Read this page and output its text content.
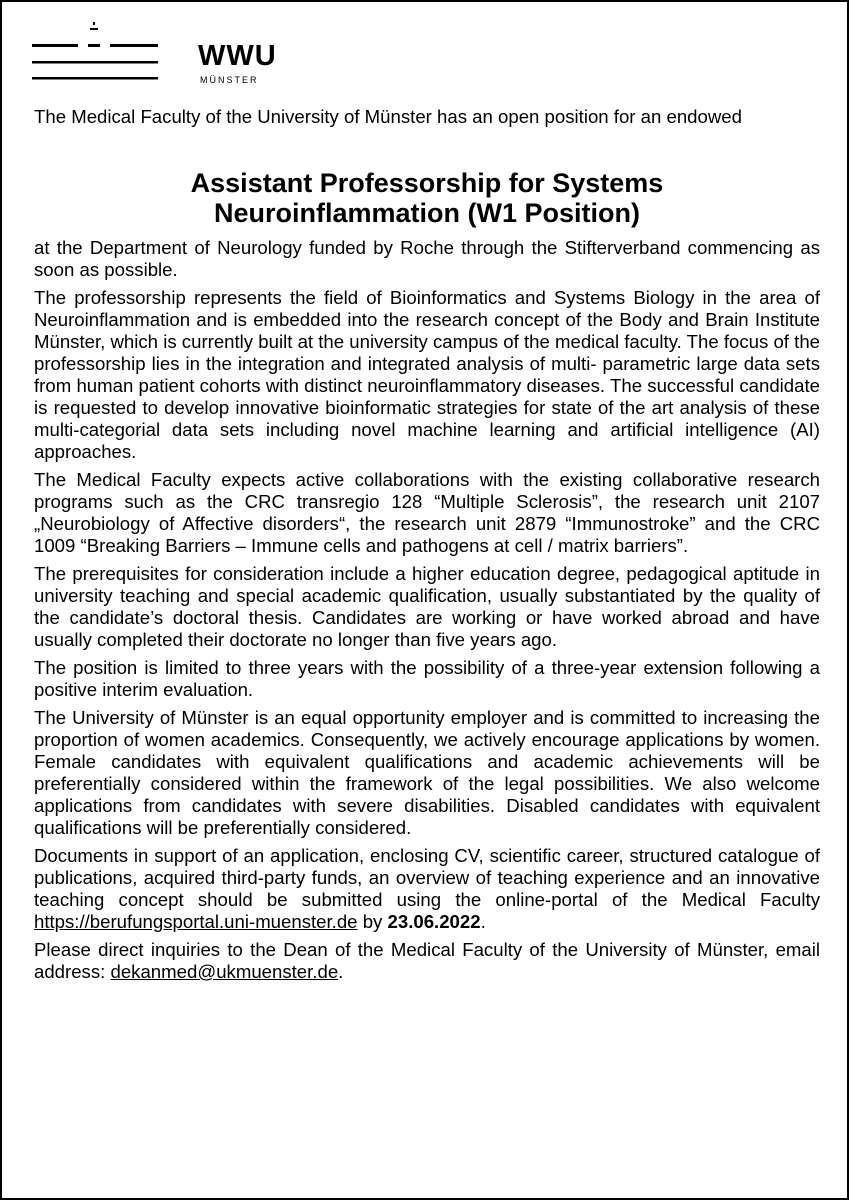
WWU
MÜNSTER

The Medical Faculty of the University of Münster has an open position for an endowed

Assistant Professorship for Systems
Neuroinflammation (W1 Position)

at the Department of Neurology funded by Roche through the Stifterverband commencing as soon as possible.

The professorship represents the field of Bioinformatics and Systems Biology in the area of Neuroinflammation and is embedded into the research concept of the Body and Brain Institute Münster, which is currently built at the university campus of the medical faculty. The focus of the professorship lies in the integration and integrated analysis of multi- parametric large data sets from human patient cohorts with distinct neuroinflammatory diseases. The successful candidate is requested to develop innovative bioinformatic strategies for state of the art analysis of these multi-categorial data sets including novel machine learning and artificial intelligence (AI) approaches.

The Medical Faculty expects active collaborations with the existing collaborative research programs such as the CRC transregio 128 “Multiple Sclerosis”, the research unit 2107 „Neurobiology of Affective disorders“, the research unit 2879 “Immunostroke” and the CRC 1009 “Breaking Barriers – Immune cells and pathogens at cell / matrix barriers”.

The prerequisites for consideration include a higher education degree, pedagogical aptitude in university teaching and special academic qualification, usually substantiated by the quality of the candidate’s doctoral thesis. Candidates are working or have worked abroad and have usually completed their doctorate no longer than five years ago.

The position is limited to three years with the possibility of a three-year extension following a positive interim evaluation.

The University of Münster is an equal opportunity employer and is committed to increasing the proportion of women academics. Consequently, we actively encourage applications by women. Female candidates with equivalent qualifications and academic achievements will be preferentially considered within the framework of the legal possibilities. We also welcome applications from candidates with severe disabilities. Disabled candidates with equivalent qualifications will be preferentially considered.

Documents in support of an application, enclosing CV, scientific career, structured catalogue of publications, acquired third-party funds, an overview of teaching experience and an innovative teaching concept should be submitted using the online-portal of the Medical Faculty https://berufungsportal.uni-muenster.de by 23.06.2022.

Please direct inquiries to the Dean of the Medical Faculty of the University of Münster, email address: dekanmed@ukmuenster.de.
